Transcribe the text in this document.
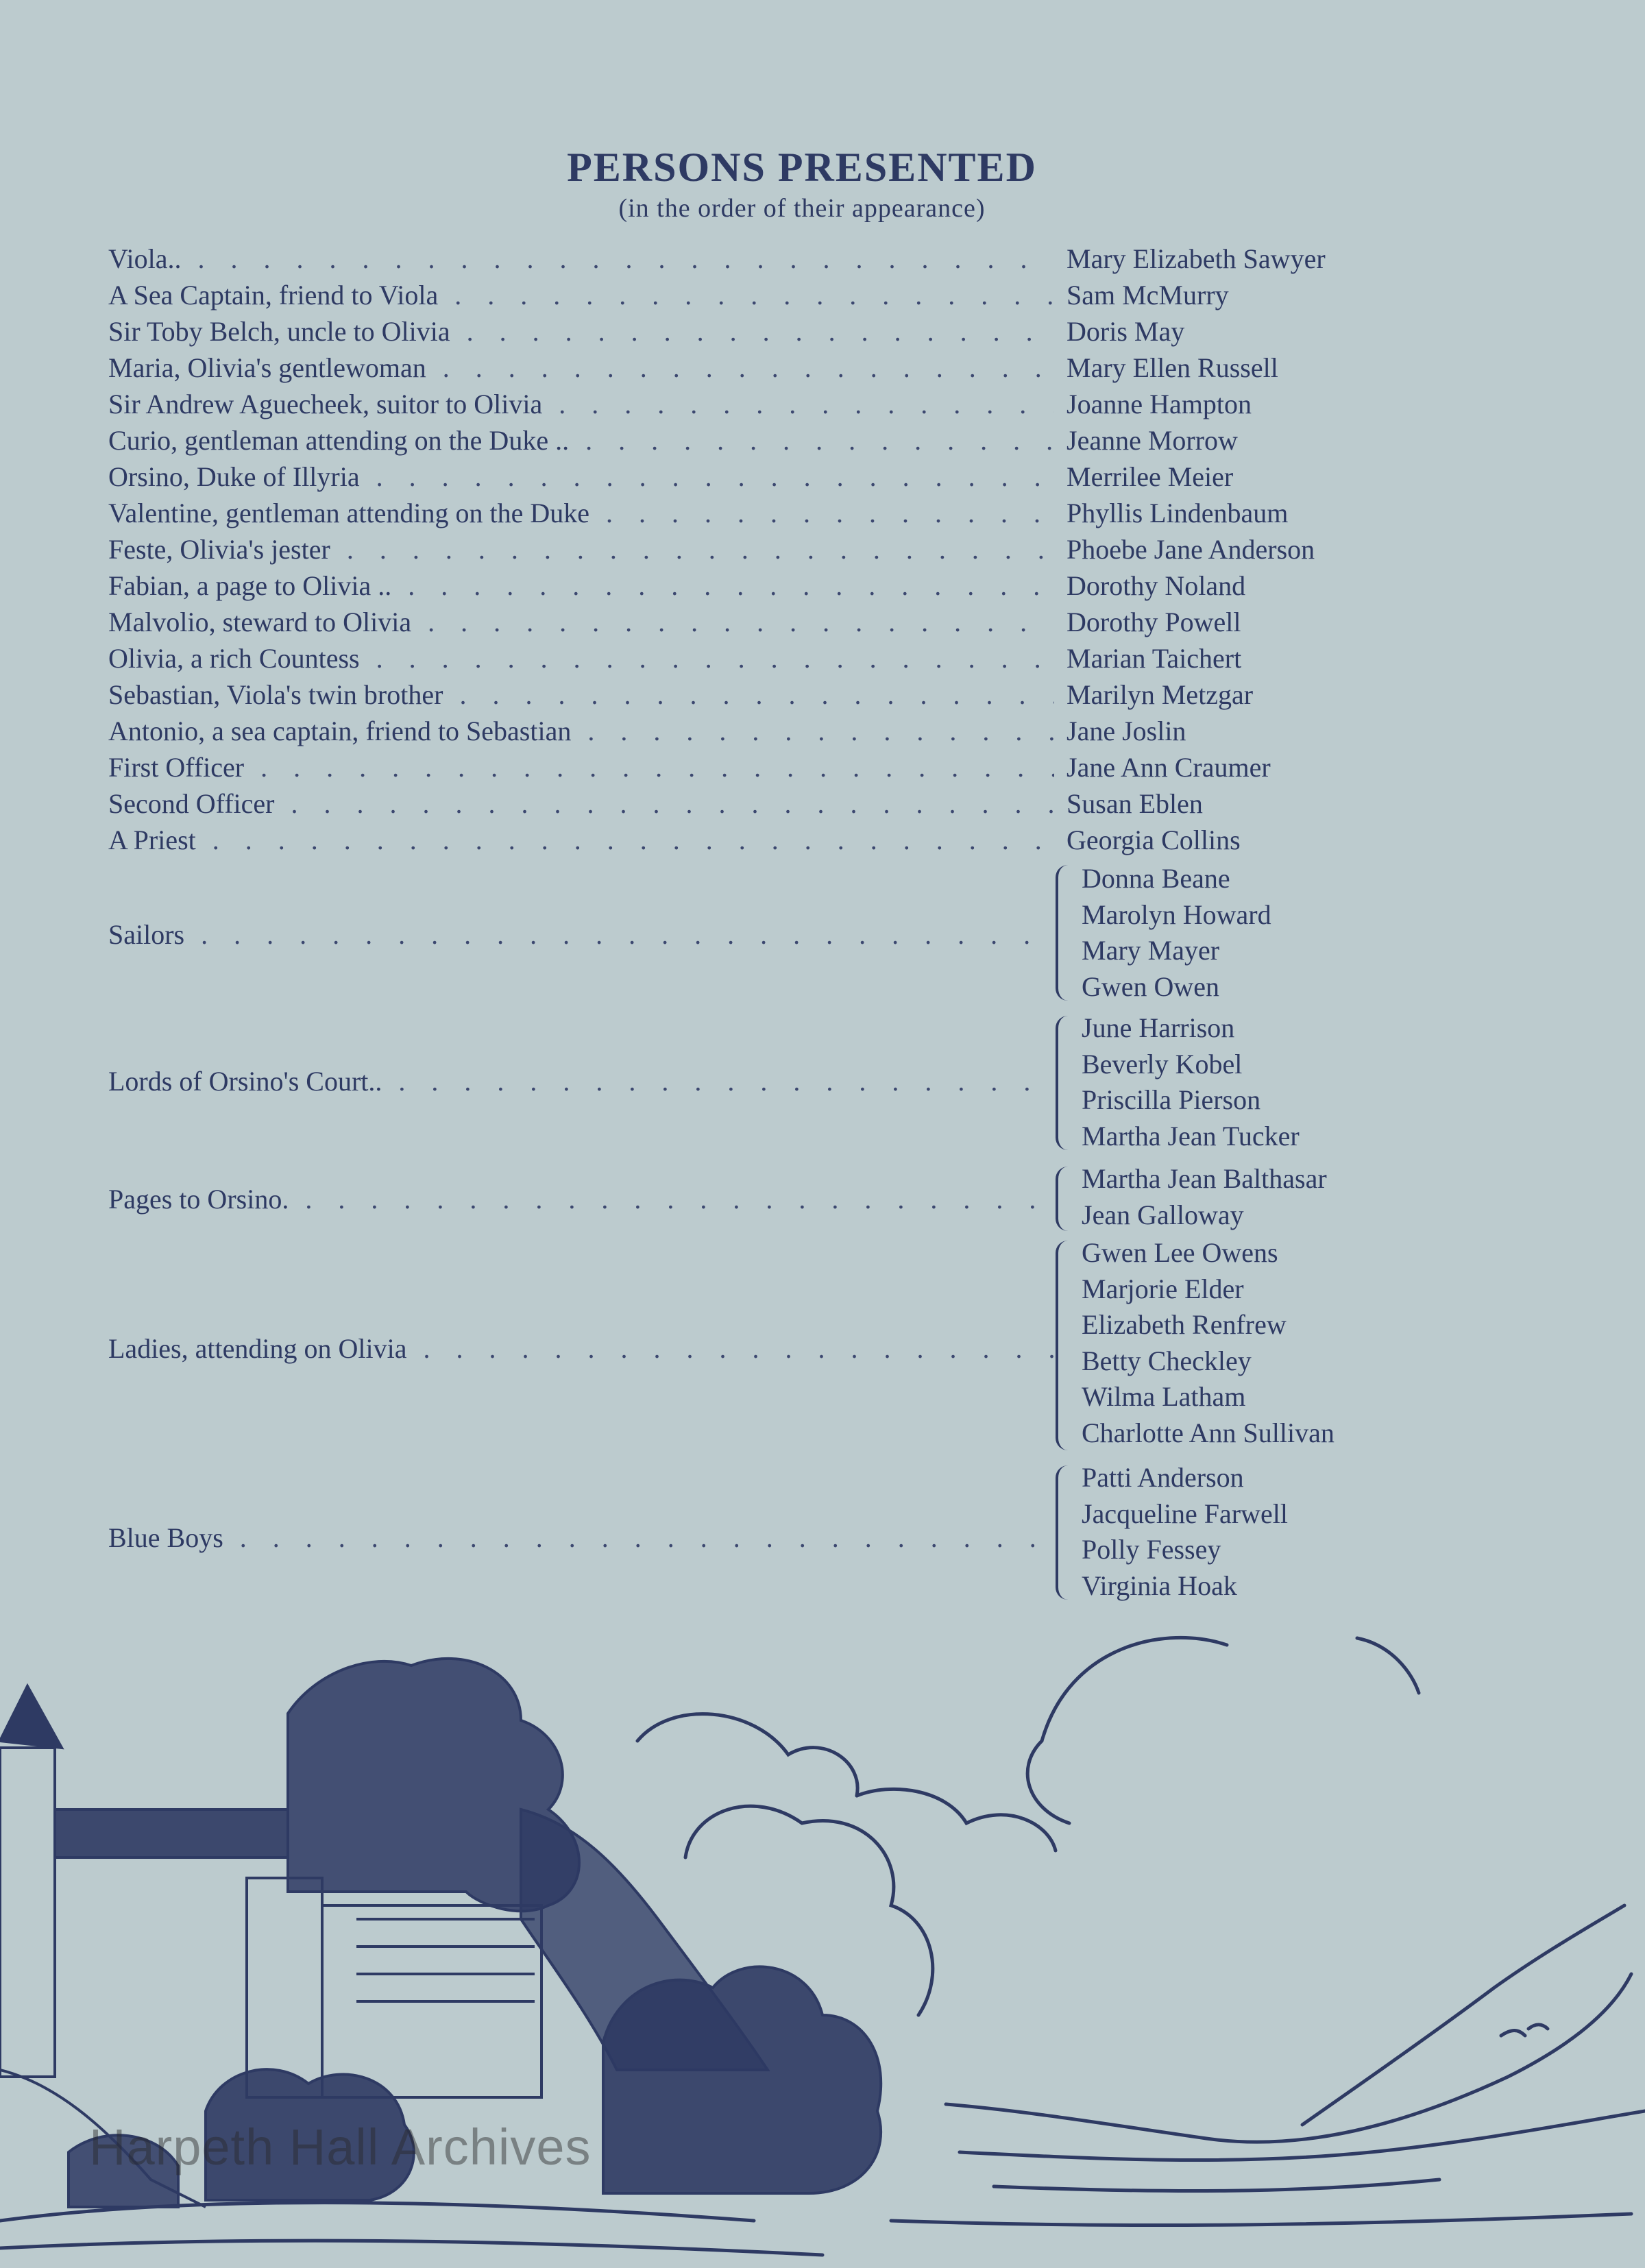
PERSONS PRESENTED
(in the order of their appearance)
Viola.. . . .	Mary Elizabeth Sawyer
A Sea Captain, friend to Viola . . .	Sam McMurry
Sir Toby Belch, uncle to Olivia . . .	Doris May
Maria, Olivia's gentlewoman . . .	Mary Ellen Russell
Sir Andrew Aguecheek, suitor to Olivia . . .	Joanne Hampton
Curio, gentleman attending on the Duke .. . . .	Jeanne Morrow
Orsino, Duke of Illyria . . .	Merrilee Meier
Valentine, gentleman attending on the Duke . . .	Phyllis Lindenbaum
Feste, Olivia's jester . . .	Phoebe Jane Anderson
Fabian, a page to Olivia .. . . .	Dorothy Noland
Malvolio, steward to Olivia . . .	Dorothy Powell
Olivia, a rich Countess . . .	Marian Taichert
Sebastian, Viola's twin brother . . .	Marilyn Metzgar
Antonio, a sea captain, friend to Sebastian . . .	Jane Joslin
First Officer . . .	Jane Ann Craumer
Second Officer . . .	Susan Eblen
A Priest . . .	Georgia Collins
Sailors . . .
Donna Beane
Marolyn Howard
Mary Mayer
Gwen Owen
Lords of Orsino's Court.. . . .
June Harrison
Beverly Kobel
Priscilla Pierson
Martha Jean Tucker
Pages to Orsino. . . .
Martha Jean Balthasar
Jean Galloway
Ladies, attending on Olivia . . .
Gwen Lee Owens
Marjorie Elder
Elizabeth Renfrew
Betty Checkley
Wilma Latham
Charlotte Ann Sullivan
Blue Boys . . .
Patti Anderson
Jacqueline Farwell
Polly Fessey
Virginia Hoak
Harpeth Hall Archives
